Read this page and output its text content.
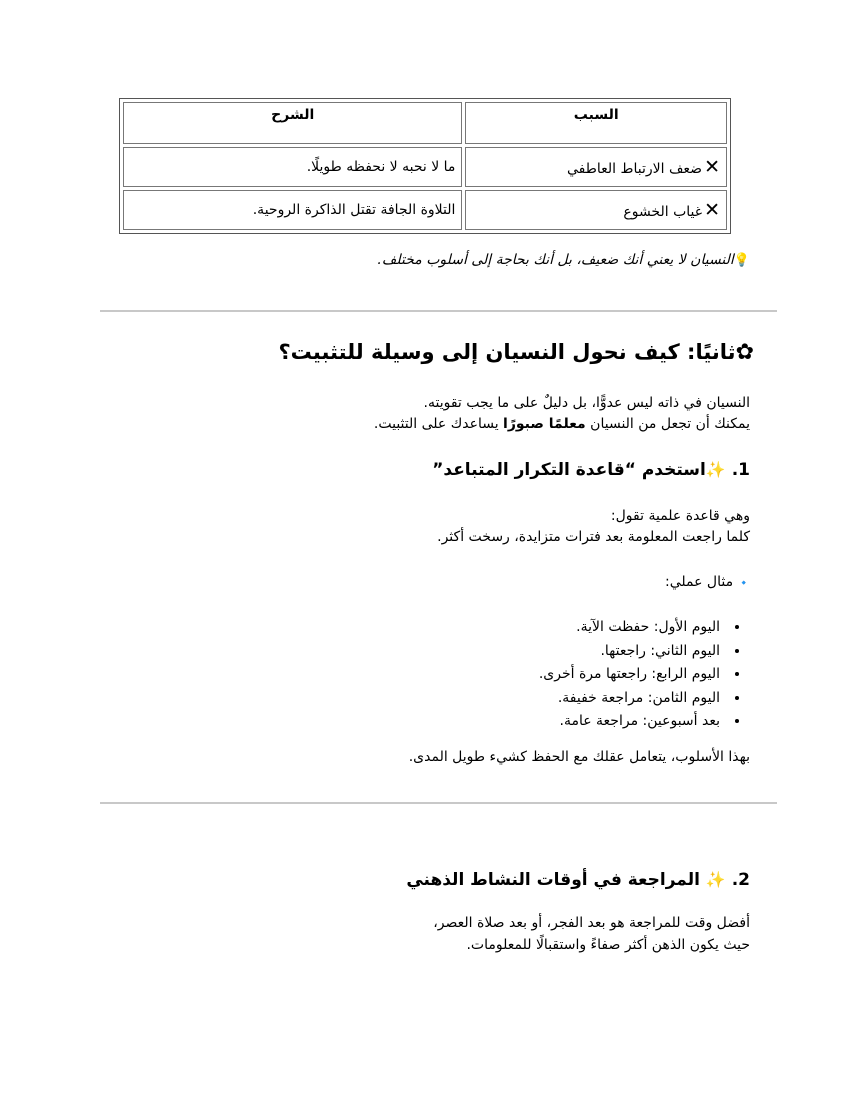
السبب	الشرح
✕ضعف الارتباط العاطفي	ما لا نحبه لا نحفظه طويلًا.
✕غياب الخشوع	التلاوة الجافة تقتل الذاكرة الروحية.
💡النسيان لا يعني أنك ضعيف، بل أنك بحاجة إلى أسلوب مختلف.
✿ثانيًا: كيف نحول النسيان إلى وسيلة للتثبيت؟
النسيان في ذاته ليس عدوًّا، بل دليلٌ على ما يجب تقويته.
يمكنك أن تجعل من النسيان معلمًا صبورًا يساعدك على التثبيت.
1. ✨استخدم “قاعدة التكرار المتباعد”
وهي قاعدة علمية تقول:
كلما راجعت المعلومة بعد فترات متزايدة، رسخت أكثر.
🔹 مثال عملي:
• اليوم الأول: حفظت الآية.
• اليوم الثاني: راجعتها.
• اليوم الرابع: راجعتها مرة أخرى.
• اليوم الثامن: مراجعة خفيفة.
• بعد أسبوعين: مراجعة عامة.
بهذا الأسلوب، يتعامل عقلك مع الحفظ كشيء طويل المدى.
2. ✨ المراجعة في أوقات النشاط الذهني
أفضل وقت للمراجعة هو بعد الفجر، أو بعد صلاة العصر،
حيث يكون الذهن أكثر صفاءً واستقبالًا للمعلومات.
